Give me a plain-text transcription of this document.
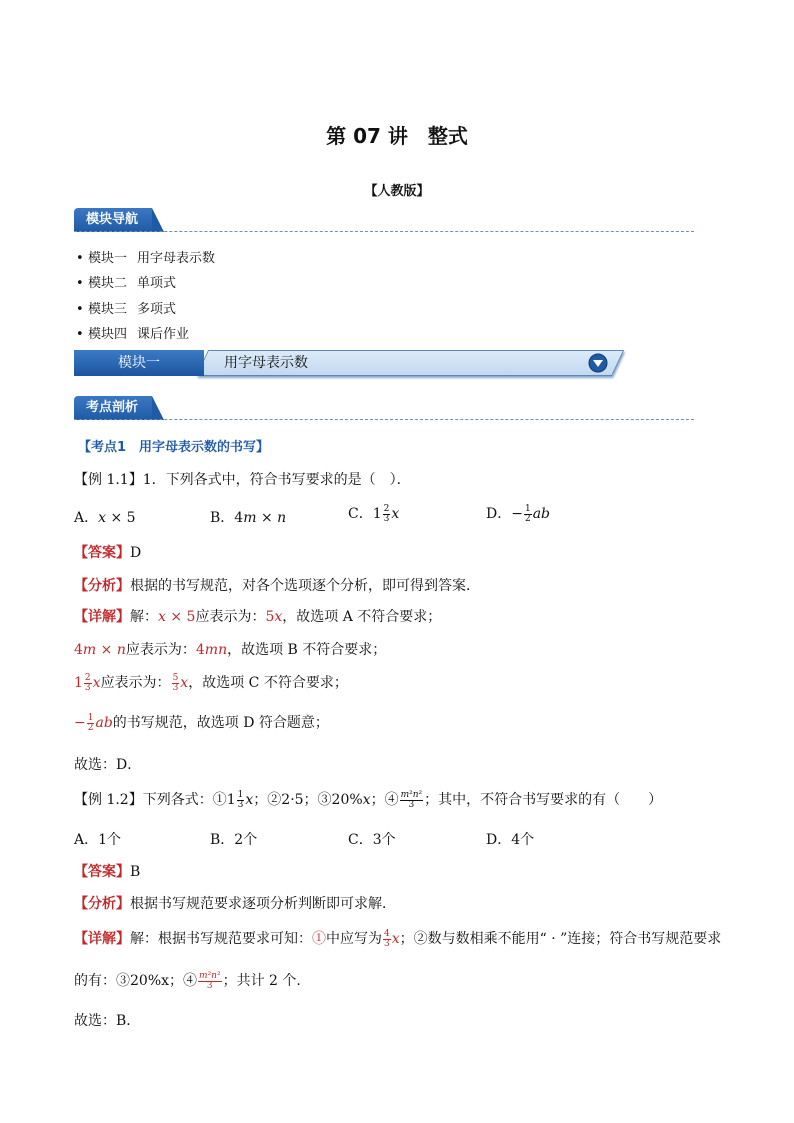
第 07 讲　整式
【人教版】
模块导航
• 模块一 用字母表示数
• 模块二 单项式
• 模块三 多项式
• 模块四 课后作业
模块一	用字母表示数
考点剖析
【考点1　用字母表示数的书写】
【例 1.1】1．下列各式中，符合书写要求的是（　）．
A．x × 5	B．4m × n	C．$1 \frac{2}{3}$ x	D．− $\frac{1}{2}$ ab
【答案】D
【分析】根据的书写规范，对各个选项逐个分析，即可得到答案．
【详解】解：x × 5应表示为：5x，故选项 A 不符合要求；
4m × n应表示为：4mn，故选项 B 不符合要求；
$1 \frac{2}{3}$ x应表示为： $\frac{5}{3}$ x，故选项 C 不符合要求；
− $\frac{1}{2}$ ab的书写规范，故选项 D 符合题意；
故选：D．
【例 1.2】下列各式：①1 $\frac{1}{3}$ x；②2·5；③20%x；④ $\frac{\text{m²n²}}{3}$ ；其中，不符合书写要求的有（　　）
A．1个	B．2个	C．3个	D．4个
【答案】B
【分析】根据书写规范要求逐项分析判断即可求解．
【详解】解：根据书写规范要求可知：①中应写为 $\frac{4}{3}$ x；②数与数相乘不能用“ · ”连接；符合书写规范要求
的有：③20%x；④ $\frac{\text{m²n²}}{3}$ ；共计 2 个.
故选：B．
